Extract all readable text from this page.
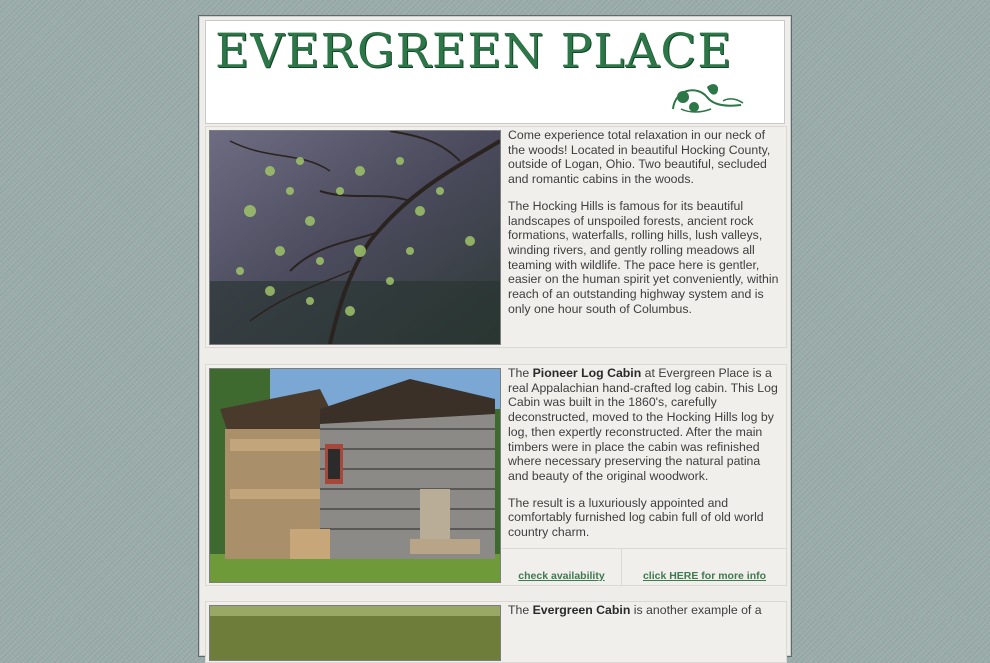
EVERGREEN PLACE

Come experience total relaxation in our neck of the woods! Located in beautiful Hocking County, outside of Logan, Ohio. Two beautiful, secluded and romantic cabins in the woods.

The Hocking Hills is famous for its beautiful landscapes of unspoiled forests, ancient rock formations, waterfalls, rolling hills, lush valleys, winding rivers, and gently rolling meadows all teaming with wildlife. The pace here is gentler, easier on the human spirit yet conveniently, within reach of an outstanding highway system and is only one hour south of Columbus.

The Pioneer Log Cabin at Evergreen Place is a real Appalachian hand-crafted log cabin. This Log Cabin was built in the 1860's, carefully deconstructed, moved to the Hocking Hills log by log, then expertly reconstructed. After the main timbers were in place the cabin was refinished where necessary preserving the natural patina and beauty of the original woodwork.

The result is a luxuriously appointed and comfortably furnished log cabin full of old world country charm.

check availability	click HERE for more info

The Evergreen Cabin is another example of a
